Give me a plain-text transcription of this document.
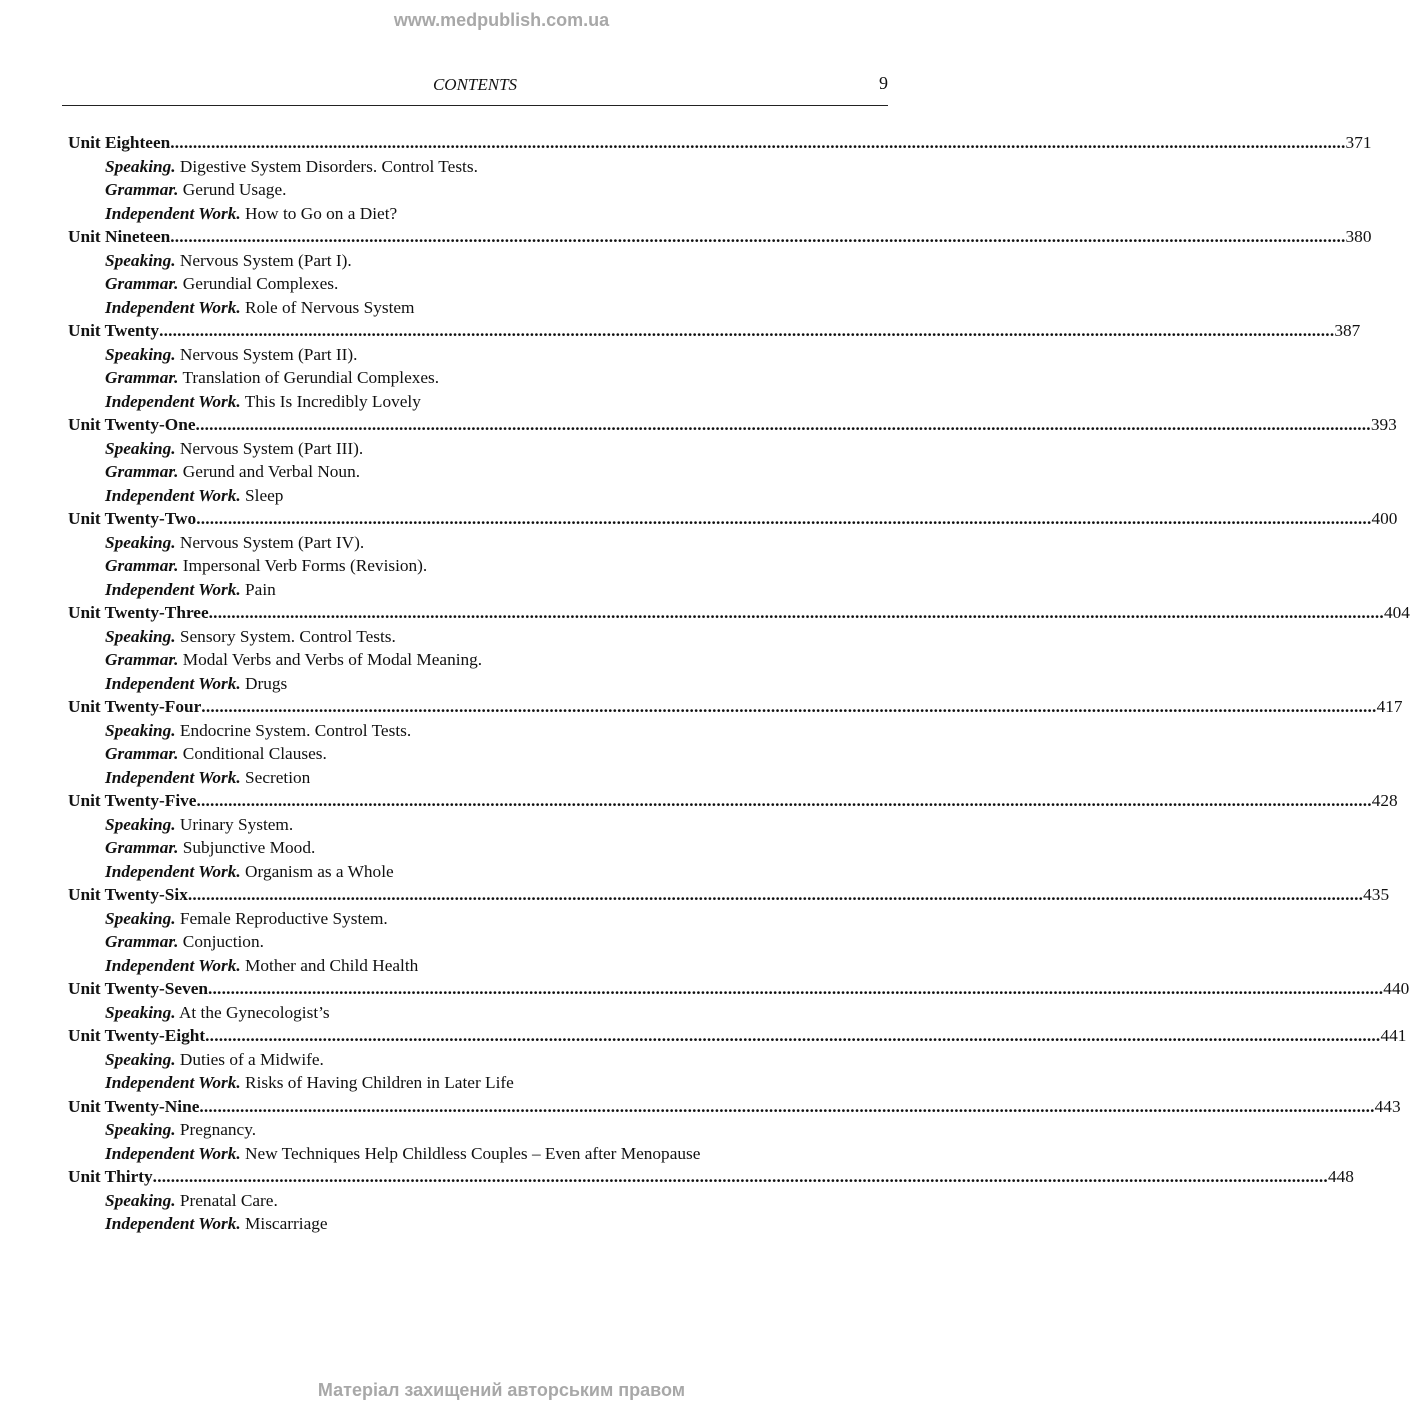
www.medpublish.com.ua
CONTENTS	9
Unit Eighteen .................................................................................................................................................................................................................................................................... 371
Speaking. Digestive System Disorders. Control Tests.
Grammar. Gerund Usage.
Independent Work. How to Go on a Diet?
Unit Nineteen .................................................................................................................................................................................................................................................................... 380
Speaking. Nervous System (Part I).
Grammar. Gerundial Complexes.
Independent Work. Role of Nervous System
Unit Twenty .................................................................................................................................................................................................................................................................... 387
Speaking. Nervous System (Part II).
Grammar. Translation of Gerundial Complexes.
Independent Work. This Is Incredibly Lovely
Unit Twenty-One .................................................................................................................................................................................................................................................................... 393
Speaking. Nervous System (Part III).
Grammar. Gerund and Verbal Noun.
Independent Work. Sleep
Unit Twenty-Two .................................................................................................................................................................................................................................................................... 400
Speaking. Nervous System (Part IV).
Grammar. Impersonal Verb Forms (Revision).
Independent Work. Pain
Unit Twenty-Three .................................................................................................................................................................................................................................................................... 404
Speaking. Sensory System. Control Tests.
Grammar. Modal Verbs and Verbs of Modal Meaning.
Independent Work. Drugs
Unit Twenty-Four .................................................................................................................................................................................................................................................................... 417
Speaking. Endocrine System. Control Tests.
Grammar. Conditional Clauses.
Independent Work. Secretion
Unit Twenty-Five .................................................................................................................................................................................................................................................................... 428
Speaking. Urinary System.
Grammar. Subjunctive Mood.
Independent Work. Organism as a Whole
Unit Twenty-Six .................................................................................................................................................................................................................................................................... 435
Speaking. Female Reproductive System.
Grammar. Conjuction.
Independent Work. Mother and Child Health
Unit Twenty-Seven .................................................................................................................................................................................................................................................................... 440
Speaking. At the Gynecologist’s
Unit Twenty-Eight .................................................................................................................................................................................................................................................................... 441
Speaking. Duties of a Midwife.
Independent Work. Risks of Having Children in Later Life
Unit Twenty-Nine .................................................................................................................................................................................................................................................................... 443
Speaking. Pregnancy.
Independent Work. New Techniques Help Childless Couples – Even after Menopause
Unit Thirty .................................................................................................................................................................................................................................................................... 448
Speaking. Prenatal Care.
Independent Work. Miscarriage
Матеріал захищений авторським правом
